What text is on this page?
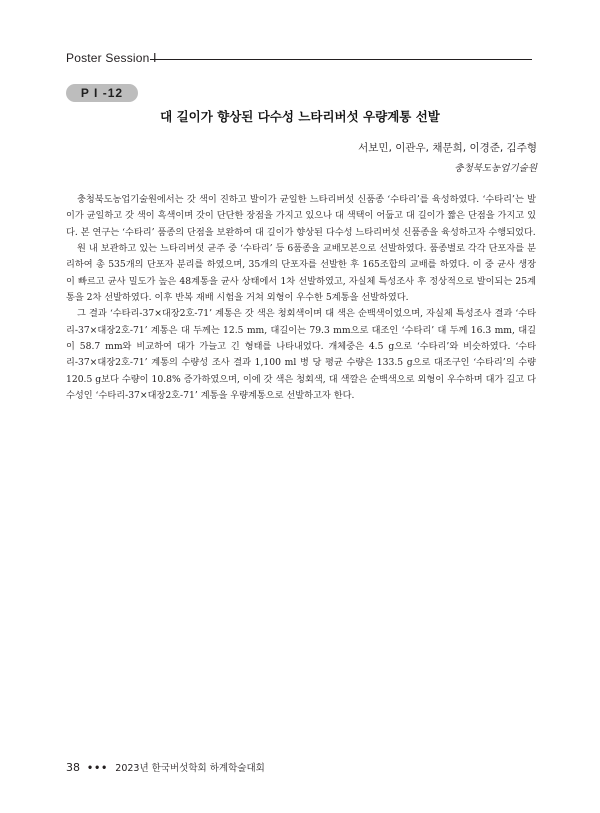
Poster Session Ⅰ
P I -12
대 길이가 향상된 다수성 느타리버섯 우량계통 선발
서보민, 이관우, 채문희, 이경준, 김주형
충청북도농업기술원

충청북도농업기술원에서는 갓 색이 진하고 발이가 균일한 느타리버섯 신품종 ‘수타리’를 육성하였다. ‘수타리’는 발이가 균일하고 갓 색이 흑색이며 갓이 단단한 장점을 가지고 있으나 대 색택이 어둡고 대 길이가 짧은 단점을 가지고 있다. 본 연구는 ‘수타리’ 품종의 단점을 보완하여 대 길이가 향상된 다수성 느타리버섯 신품종을 육성하고자 수행되었다.

원 내 보관하고 있는 느타리버섯 균주 중 ‘수타리’ 등 6품종을 교배모본으로 선발하였다. 품종별로 각각 단포자를 분리하여 총 535개의 단포자 분리를 하였으며, 35개의 단포자를 선발한 후 165조합의 교배를 하였다. 이 중 균사 생장이 빠르고 균사 밀도가 높은 48계통을 균사 상태에서 1차 선발하였고, 자실체 특성조사 후 정상적으로 발이되는 25계통을 2차 선발하였다. 이후 반복 재배 시험을 거쳐 외형이 우수한 5계통을 선발하였다.

그 결과 ‘수타리-37×대장2호-71’ 계통은 갓 색은 청회색이며 대 색은 순백색이었으며, 자실체 특성조사 결과 ‘수타리-37×대장2호-71’ 계통은 대 두께는 12.5 mm, 대길이는 79.3 mm으로 대조인 ‘수타리’ 대 두께 16.3 mm, 대길이 58.7 mm와 비교하여 대가 가늘고 긴 형태를 나타내었다. 개체중은 4.5 g으로 ‘수타리’와 비슷하였다. ‘수타리-37×대장2호-71’ 계통의 수량성 조사 결과 1,100 ml 병 당 평균 수량은 133.5 g으로 대조구인 ‘수타리’의 수량 120.5 g보다 수량이 10.8% 증가하였으며, 이에 갓 색은 청회색, 대 색깔은 순백색으로 외형이 우수하며 대가 길고 다수성인 ‘수타리-37×대장2호-71’ 계통을 우량계통으로 선발하고자 한다.

38 ••• 2023년 한국버섯학회 하계학술대회
